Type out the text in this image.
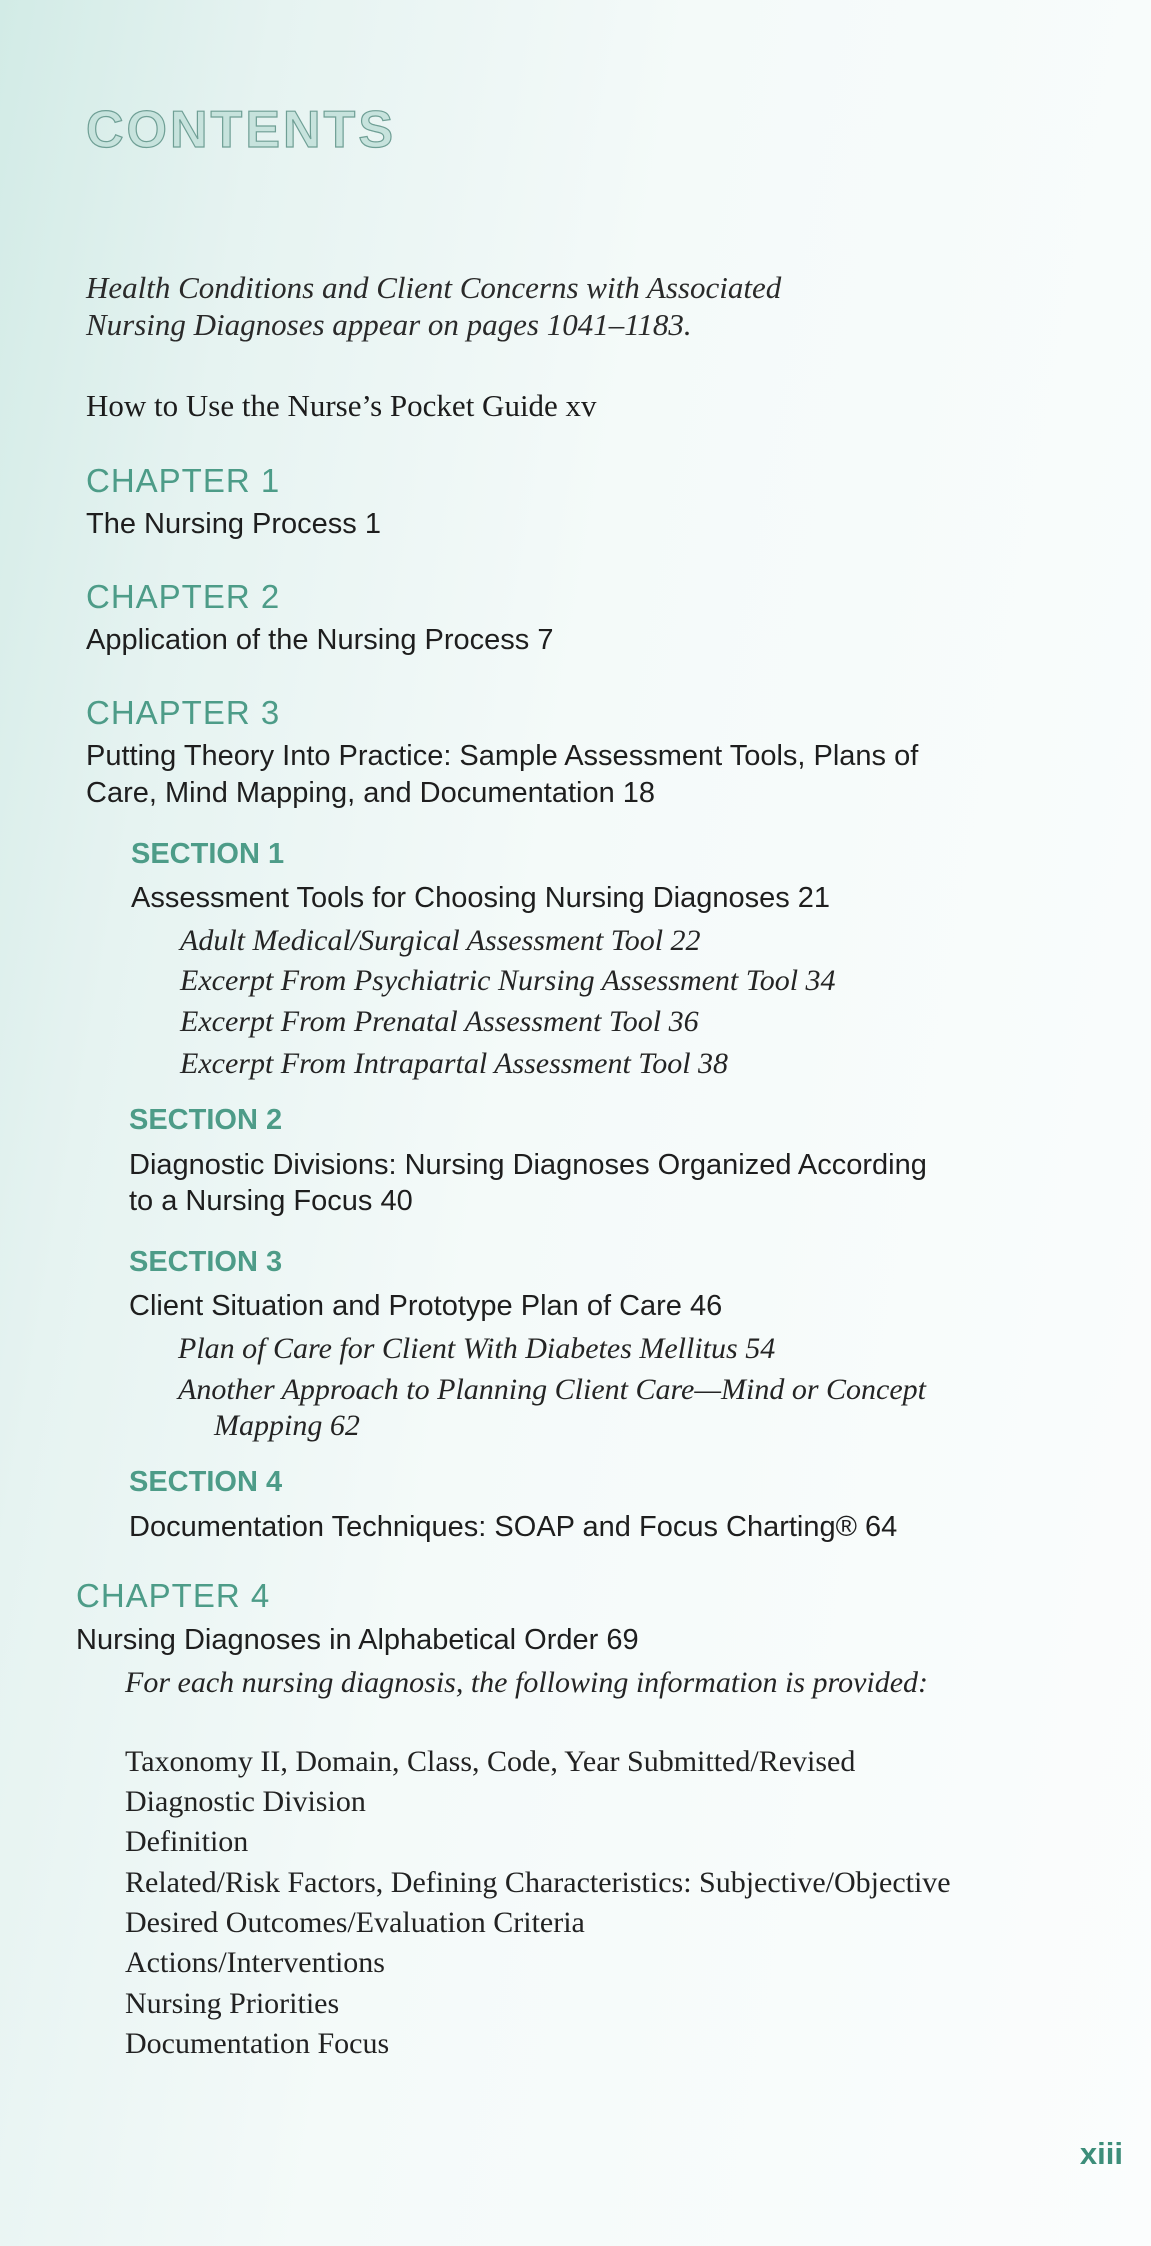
CONTENTS
Health Conditions and Client Concerns with Associated
Nursing Diagnoses appear on pages 1041–1183.
How to Use the Nurse’s Pocket Guide xv
CHAPTER 1
The Nursing Process 1
CHAPTER 2
Application of the Nursing Process 7
CHAPTER 3
Putting Theory Into Practice: Sample Assessment Tools, Plans of
Care, Mind Mapping, and Documentation 18
SECTION 1
Assessment Tools for Choosing Nursing Diagnoses 21
Adult Medical/Surgical Assessment Tool 22
Excerpt From Psychiatric Nursing Assessment Tool 34
Excerpt From Prenatal Assessment Tool 36
Excerpt From Intrapartal Assessment Tool 38
SECTION 2
Diagnostic Divisions: Nursing Diagnoses Organized According
to a Nursing Focus 40
SECTION 3
Client Situation and Prototype Plan of Care 46
Plan of Care for Client With Diabetes Mellitus 54
Another Approach to Planning Client Care—Mind or Concept
Mapping 62
SECTION 4
Documentation Techniques: SOAP and Focus Charting® 64
CHAPTER 4
Nursing Diagnoses in Alphabetical Order 69
For each nursing diagnosis, the following information is provided:
Taxonomy II, Domain, Class, Code, Year Submitted/Revised
Diagnostic Division
Definition
Related/Risk Factors, Defining Characteristics: Subjective/Objective
Desired Outcomes/Evaluation Criteria
Actions/Interventions
Nursing Priorities
Documentation Focus
xiii
